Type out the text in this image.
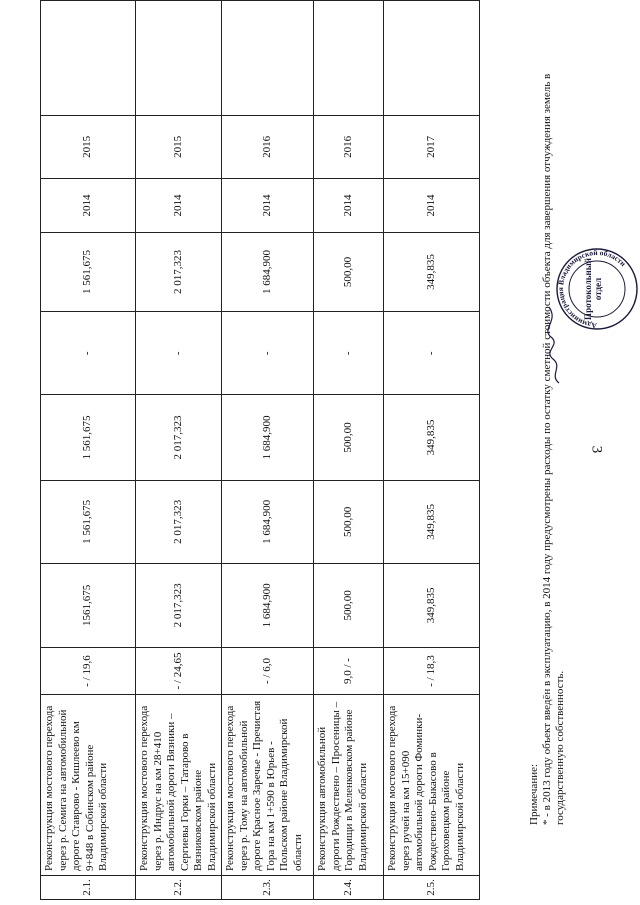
3
2.1.	Реконструкция мостового перехода через р. Семига на автомобильной дороге Ставрово - Кишлеево км 9+848 в Собинском районе Владимирской области	- / 19,6	1561,675	1 561,675	1 561,675	-	1 561,675	2014	2015	
2.2.	Реконструкция мостового перехода через р. Индрус на км 28+410 автомобильной дороги Вязники – Сергиевы Горки – Татарово в Вязниковском районе Владимирской области	- / 24,65	2 017,323	2 017,323	2 017,323	-	2 017,323	2014	2015	
2.3.	Реконструкция мостового перехода через р. Тому на автомобильной дороге Красное Заречье - Пречистая Гора на км 1+590 в Юрьев - Польском районе Владимирской области	- / 6,0	1 684,900	1 684,900	1 684,900	-	1 684,900	2014	2016	
2.4.	Реконструкция автомобильной дороги Рождествено – Просеницы – Городищи в Меленковском районе Владимирской области	9,0 / -	500,00	500,00	500,00	-	500,00	2014	2016	
2.5.	Реконструкция мостового перехода через ручей на км 15+090 автомобильной дороги Фоминки-Рождествено–Быкасово в Гороховецком районе Владимирской области	- / 18,3	349,835	349,835	349,835	-	349,835	2014	2017	
Примечание: * - в 2013 году объект введён в эксплуатацию, в 2014 году предусмотрены расходы по остатку сметной стоимости объекта для завершения отчуждения земель в государственную собственность.
Администрация Владимирской области
Протокольный отдел
